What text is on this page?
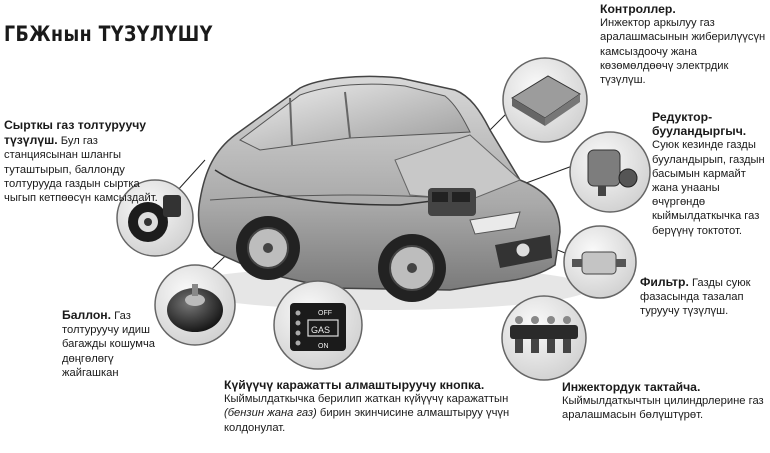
ГБЖнын ТҮЗҮЛҮШҮ
OFF
GAS
ON
Сырткы газ толтуруучу түзүлүш. Бул газ станциясынан шлангы туташтырып, баллонду толтурууда газдын сыртка чыгып кетпөөсүн камсыздайт.
Баллон. Газ толтуруучу идиш багажды кошумча дөңгөлөгү жайгашкан
Күйүүчү каражатты алмаштыруучу кнопка.
Кыймылдаткычка берилип жаткан күйүүчү каражаттын (бензин жана газ) бирин экинчисине алмаштыруу үчүн колдонулат.
Контроллер.
Инжектор аркылуу газ аралашмасынын жиберилүүсүн камсыздоочу жана көзөмөлдөөчү электрдик түзүлүш.
Редуктор-бууландыргыч.
Суюк кезинде газды бууландырып, газдын басымын кармайт жана унааны өчүргөндө кыймылдаткычка газ берүүнү токтотот.
Фильтр. Газды суюк фазасында тазалап туруучу түзүлүш.
Инжектордук тактайча.
Кыймылдаткычтын цилиндрлерине газ аралашмасын бөлүштүрөт.
